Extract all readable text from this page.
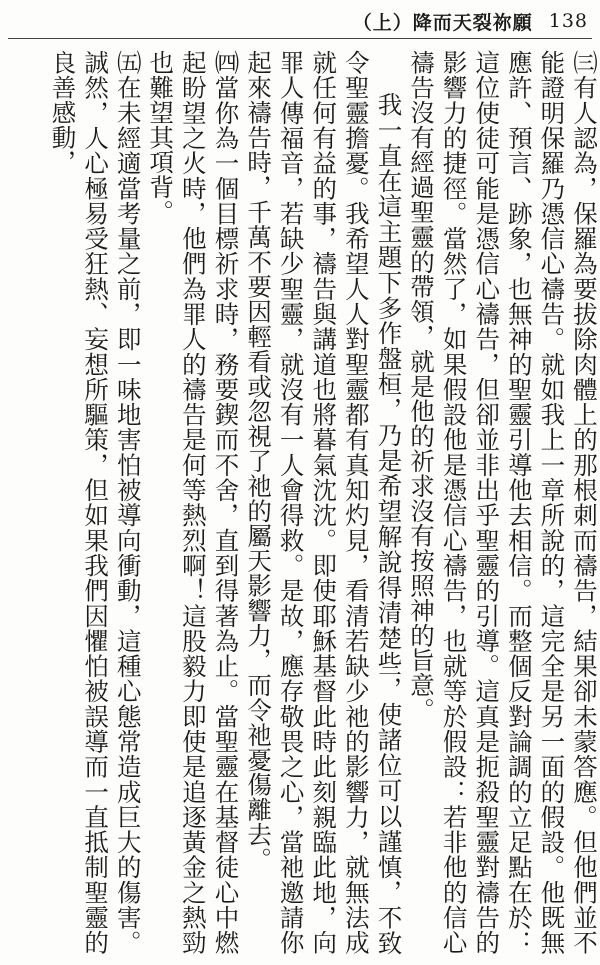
（上）降而天裂祢願 138

㈢有人認為，保羅為要拔除肉體上的那根刺而禱告，結果卻未蒙答應。但他們並不能證明保羅乃憑信心禱告。就如我上一章所說的，這完全是另一面的假設。他既無應許、預言、跡象，也無神的聖靈引導他去相信。而整個反對論調的立足點在於：這位使徒可能是憑信心禱告，但卻並非出乎聖靈的引導。這真是扼殺聖靈對禱告的影響力的捷徑。當然了，如果假設他是憑信心禱告，也就等於假設：若非他的信心禱告沒有經過聖靈的帶領，就是他的祈求沒有按照神的旨意。

我一直在這主題下多作盤桓，乃是希望解說得清楚些，使諸位可以謹慎，不致令聖靈擔憂。我希望人人對聖靈都有真知灼見，看清若缺少祂的影響力，就無法成就任何有益的事，禱告與講道也將暮氣沈沈。即使耶穌基督此時此刻親臨此地，向罪人傳福音，若缺少聖靈，就沒有一人會得救。是故，應存敬畏之心，當祂邀請你起來禱告時，千萬不要因輕看或忽視了祂的屬天影響力，而令祂憂傷離去。

㈣當你為一個目標祈求時，務要鍥而不舍，直到得著為止。當聖靈在基督徒心中燃起盼望之火時，他們為罪人的禱告是何等熱烈啊！這股毅力即使是追逐黃金之熱勁也難望其項背。

㈤在未經適當考量之前，即一味地害怕被導向衝動，這種心態常造成巨大的傷害。誠然，人心極易受狂熱、妄想所驅策，但如果我們因懼怕被誤導而一直抵制聖靈的良善感動，
